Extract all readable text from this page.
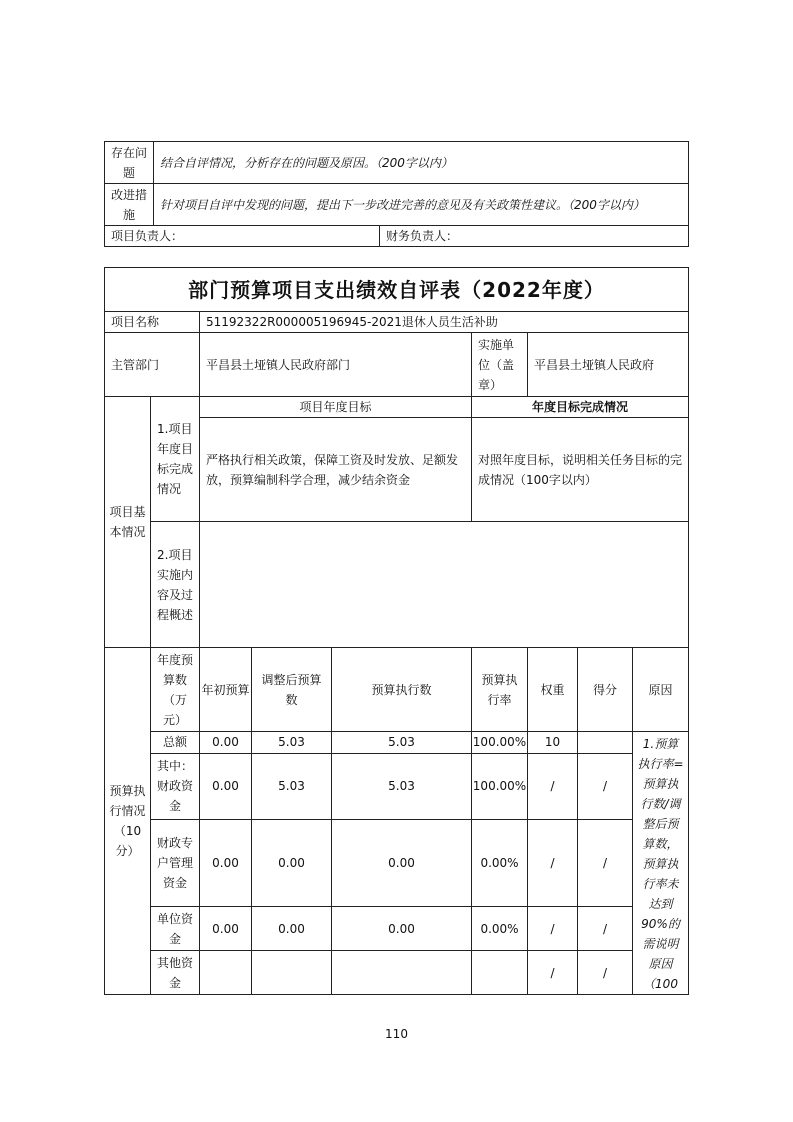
存在问题	结合自评情况，分析存在的问题及原因。（200字以内）	
改进措施	针对项目自评中发现的问题，提出下一步改进完善的意见及有关政策性建议。（200字以内）	
项目负责人：		财务负责人：
部门预算项目支出绩效自评表（2022年度）								
项目名称		51192322R000005196945-2021退休人员生活补助						
主管部门		平昌县土垭镇人民政府部门			实施单位（盖章）	平昌县土垭镇人民政府		
项目基本情况	1.项目年度目标完成情况	项目年度目标			年度目标完成情况			
		严格执行相关政策，保障工资及时发放、足额发放，预算编制科学合理，减少结余资金			对照年度目标，说明相关任务目标的完成情况（100字以内）			
	2.项目实施内容及过程概述							
预算执行情况（10分）	年度预算数（万元）	年初预算	调整后预算数	预算执行数	预算执行率	权重	得分	原因
	总额	0.00	5.03	5.03	100.00%	10		1.预算执行率=预算执行数/调整后预算数，预算执行率未达到90%的需说明原因（100
	其中：财政资金	0.00	5.03	5.03	100.00%	/	/	
	财政专户管理资金	0.00	0.00	0.00	0.00%	/	/	
	单位资金	0.00	0.00	0.00	0.00%	/	/	
	其他资金					/	/	
110
